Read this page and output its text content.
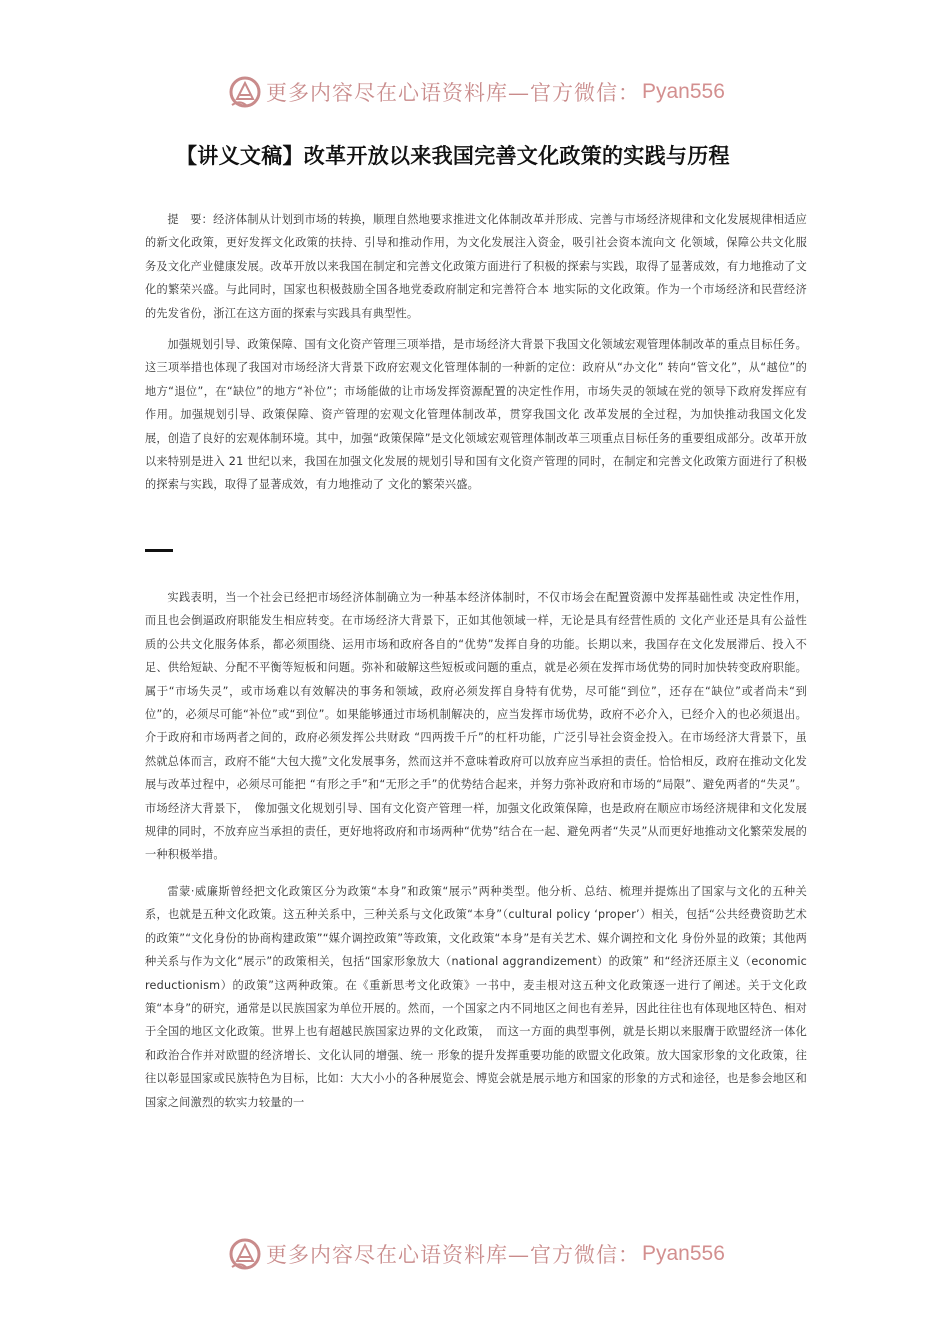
更多内容尽在心语资料库—官方微信： Pyan556
【讲义文稿】改革开放以来我国完善文化政策的实践与历程

提　要：经济体制从计划到市场的转换，顺理自然地要求推进文化体制改革并形成、完善与市场经济规律和文化发展规律相适应的新文化政策，更好发挥文化政策的扶持、引导和推动作用，为文化发展注入资金，吸引社会资本流向文 化领域，保障公共文化服务及文化产业健康发展。改革开放以来我国在制定和完善文化政策方面进行了积极的探索与实践，取得了显著成效，有力地推动了文化的繁荣兴盛。与此同时，国家也积极鼓励全国各地党委政府制定和完善符合本 地实际的文化政策。作为一个市场经济和民营经济的先发省份，浙江在这方面的探索与实践具有典型性。

加强规划引导、政策保障、国有文化资产管理三项举措，是市场经济大背景下我国文化领域宏观管理体制改革的重点目标任务。这三项举措也体现了我国对市场经济大背景下政府宏观文化管理体制的一种新的定位：政府从“办文化” 转向“管文化”，从“越位”的地方“退位”，在“缺位”的地方“补位”；市场能做的让市场发挥资源配置的决定性作用，市场失灵的领域在党的领导下政府发挥应有作用。加强规划引导、政策保障、资产管理的宏观文化管理体制改革，贯穿我国文化 改革发展的全过程，为加快推动我国文化发展，创造了良好的宏观体制环境。其中，加强“政策保障”是文化领域宏观管理体制改革三项重点目标任务的重要组成部分。改革开放以来特别是进入 21 世纪以来，我国在加强文化发展的规划引导和国有文化资产管理的同时，在制定和完善文化政策方面进行了积极的探索与实践，取得了显著成效，有力地推动了 文化的繁荣兴盛。

一

实践表明，当一个社会已经把市场经济体制确立为一种基本经济体制时，不仅市场会在配置资源中发挥基础性或 决定性作用，而且也会倒逼政府职能发生相应转变。在市场经济大背景下，正如其他领域一样，无论是具有经营性质的 文化产业还是具有公益性质的公共文化服务体系，都必须围绕、运用市场和政府各自的“优势”发挥自身的功能。长期以来，我国存在文化发展滞后、投入不足、供给短缺、分配不平衡等短板和问题。弥补和破解这些短板或问题的重点，就是必须在发挥市场优势的同时加快转变政府职能。属于“市场失灵”，或市场难以有效解决的事务和领域，政府必须发挥自身特有优势，尽可能“到位”，还存在“缺位”或者尚未“到位”的，必须尽可能“补位”或“到位”。如果能够通过市场机制解决的，应当发挥市场优势，政府不必介入，已经介入的也必须退出。介于政府和市场两者之间的，政府必须发挥公共财政 “四两拨千斤”的杠杆功能，广泛引导社会资金投入。在市场经济大背景下，虽然就总体而言，政府不能“大包大揽”文化发展事务，然而这并不意味着政府可以放弃应当承担的责任。恰恰相反，政府在推动文化发展与改革过程中，必须尽可能把 “有形之手”和“无形之手”的优势结合起来，并努力弥补政府和市场的“局限”、避免两者的“失灵”。市场经济大背景下，　像加强文化规划引导、国有文化资产管理一样，加强文化政策保障，也是政府在顺应市场经济规律和文化发展规律的同时，不放弃应当承担的责任，更好地将政府和市场两种“优势”结合在一起、避免两者“失灵”从而更好地推动文化繁荣发展的一种积极举措。

雷蒙·威廉斯曾经把文化政策区分为政策“本身”和政策“展示”两种类型。他分析、总结、梳理并提炼出了国家与文化的五种关系，也就是五种文化政策。这五种关系中，三种关系与文化政策“本身”（cultural policy ‘proper’）相关，包括“公共经费资助艺术的政策”“文化身份的协商构建政策”“媒介调控政策”等政策，文化政策“本身”是有关艺术、媒介调控和文化 身份外显的政策；其他两种关系与作为文化“展示”的政策相关，包括“国家形象放大（national aggrandizement）的政策” 和“经济还原主义（economic reductionism）的政策”这两种政策。在《重新思考文化政策》一书中，麦圭根对这五种文化政策逐一进行了阐述。关于文化政策“本身”的研究，通常是以民族国家为单位开展的。然而，一个国家之内不同地区之间也有差异，因此往往也有体现地区特色、相对于全国的地区文化政策。世界上也有超越民族国家边界的文化政策，　而这一方面的典型事例，就是长期以来服膺于欧盟经济一体化和政治合作并对欧盟的经济增长、文化认同的增强、统一 形象的提升发挥重要功能的欧盟文化政策。放大国家形象的文化政策，往往以彰显国家或民族特色为目标，比如：大大小小的各种展览会、博览会就是展示地方和国家的形象的方式和途径，也是参会地区和国家之间激烈的软实力较量的一

更多内容尽在心语资料库—官方微信： Pyan556
